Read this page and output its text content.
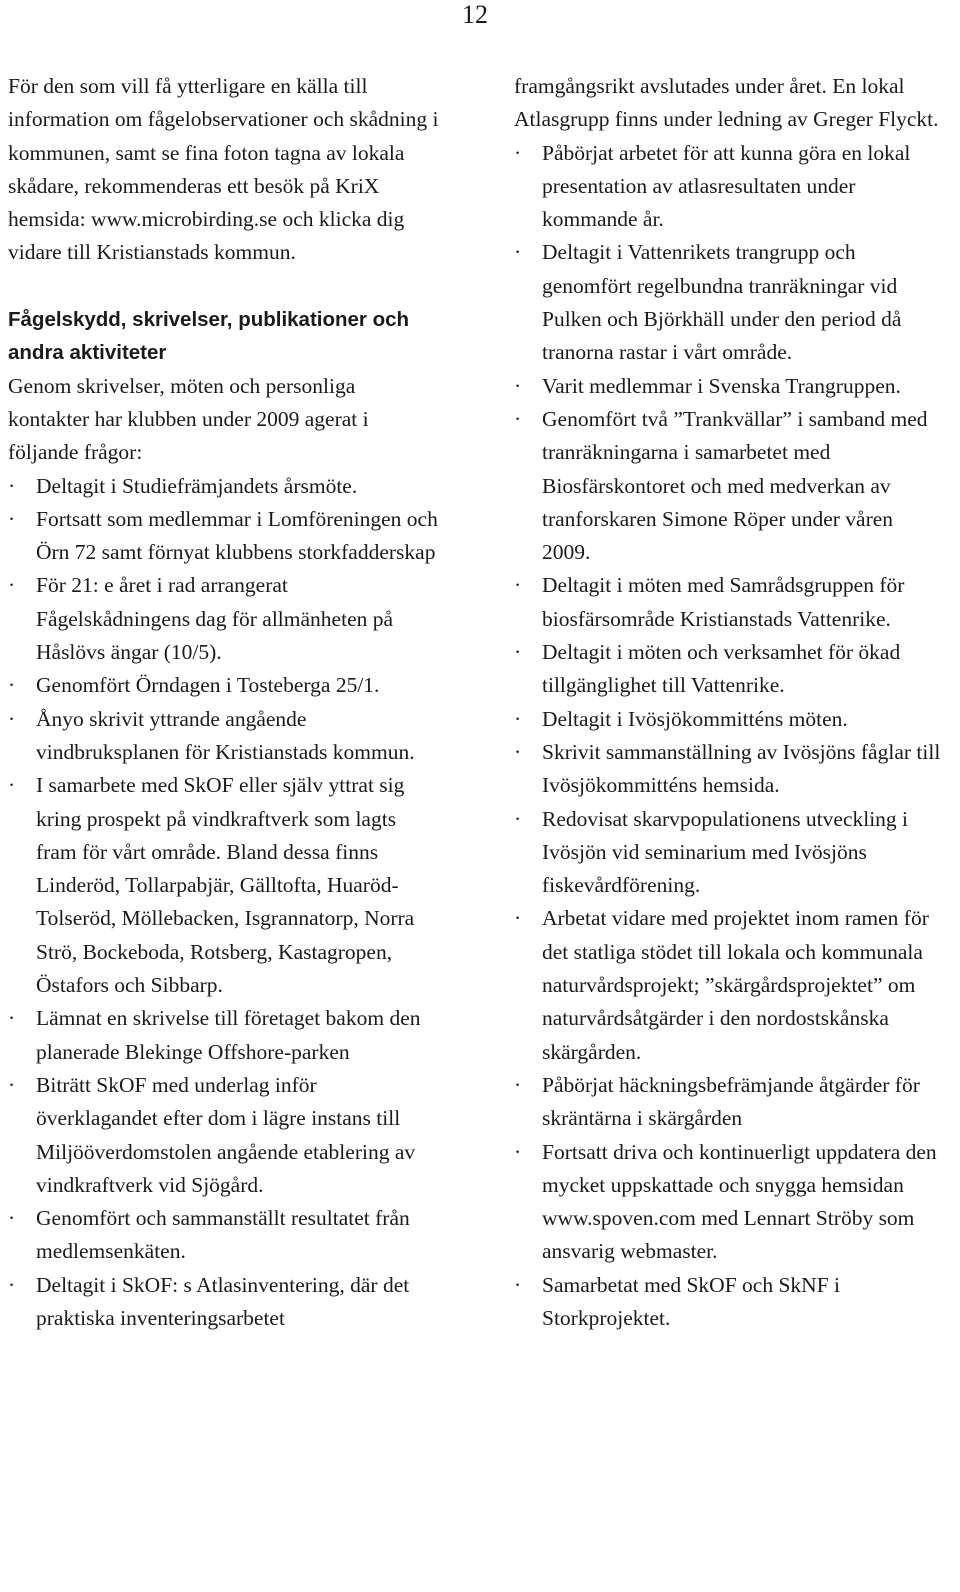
12

För den som vill få ytterligare en källa till information om fågelobservationer och skådning i kommunen, samt se fina foton tagna av lokala skådare, rekommenderas ett besök på KriX hemsida: www.microbirding.se och klicka dig vidare till Kristianstads kommun.

Fågelskydd, skrivelser, publikationer och andra aktiviteter

Genom skrivelser, möten och personliga kontakter har klubben under 2009 agerat i följande frågor:

· Deltagit i Studiefrämjandets årsmöte.
· Fortsatt som medlemmar i Lomföreningen och Örn 72 samt förnyat klubbens storkfadderskap
· För 21: e året i rad arrangerat Fågelskådningens dag för allmänheten på Håslövs ängar (10/5).
· Genomfört Örndagen i Tosteberga 25/1.
· Ånyo skrivit yttrande angående vindbruksplanen för Kristianstads kommun.
· I samarbete med SkOF eller själv yttrat sig kring prospekt på vindkraftverk som lagts fram för vårt område. Bland dessa finns Linderöd, Tollarpabjär, Gälltofta, Huaröd-Tolseröd, Möllebacken, Isgrannatorp, Norra Strö, Bockeboda, Rotsberg, Kastagropen, Östafors och Sibbarp.
· Lämnat en skrivelse till företaget bakom den planerade Blekinge Offshore-parken
· Biträtt SkOF med underlag inför överklagandet efter dom i lägre instans till Miljööverdomstolen angående etablering av vindkraftverk vid Sjögård.
· Genomfört och sammanställt resultatet från medlemsenkäten.
· Deltagit i SkOF: s Atlasinventering, där det praktiska inventeringsarbetet

framgångsrikt avslutades under året. En lokal Atlasgrupp finns under ledning av Greger Flyckt.

· Påbörjat arbetet för att kunna göra en lokal presentation av atlasresultaten under kommande år.
· Deltagit i Vattenrikets trangrupp och genomfört regelbundna tranräkningar vid Pulken och Björkhäll under den period då tranorna rastar i vårt område.
· Varit medlemmar i Svenska Trangruppen.
· Genomfört två ”Trankvällar” i samband med tranräkningarna i samarbetet med Biosfärskontoret och med medverkan av tranforskaren Simone Röper under våren 2009.
· Deltagit i möten med Samrådsgruppen för biosfärsområde Kristianstads Vattenrike.
· Deltagit i möten och verksamhet för ökad tillgänglighet till Vattenrike.
· Deltagit i Ivösjökommitténs möten.
· Skrivit sammanställning av Ivösjöns fåglar till Ivösjökommitténs hemsida.
· Redovisat skarvpopulationens utveckling i Ivösjön vid seminarium med Ivösjöns fiskevårdförening.
· Arbetat vidare med projektet inom ramen för det statliga stödet till lokala och kommunala naturvårdsprojekt; ”skärgårdsprojektet” om naturvårdsåtgärder i den nordostskånska skärgården.
· Påbörjat häckningsbefrämjande åtgärder för skräntärna i skärgården
· Fortsatt driva och kontinuerligt uppdatera den mycket uppskattade och snygga hemsidan www.spoven.com med Lennart Ströby som ansvarig webmaster.
· Samarbetat med SkOF och SkNF i Storkprojektet.
